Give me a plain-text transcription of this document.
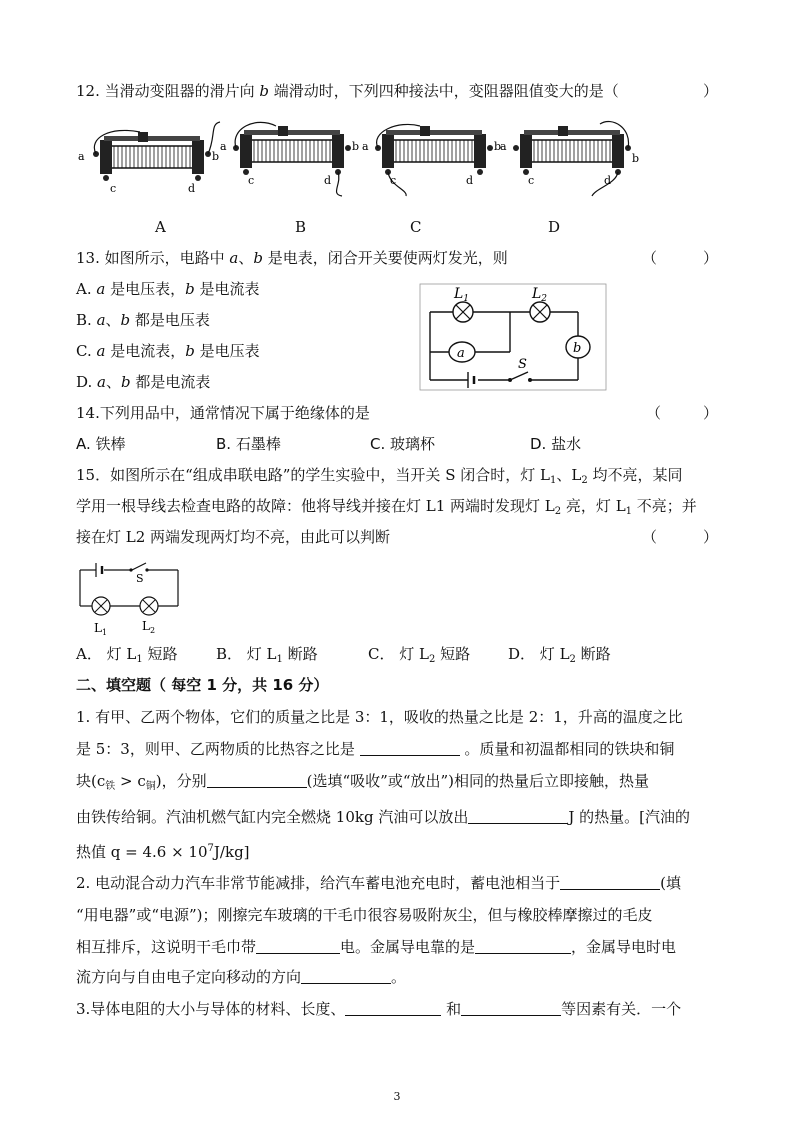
12. 当滑动变阻器的滑片向 b 端滑动时，下列四种接法中，变阻器阻值变大的是（	）
a	b
c	d
a	b
c	d
a	b
c	d
a
b
c	d
A	B	C	D
13. 如图所示，电路中 a、b 是电表，闭合开关要使两灯发光，则	（	）
A. a 是电压表，b 是电流表
B. a、b 都是电压表
C. a 是电流表，b 是电压表
D. a、b 都是电流表
a	b
$L_1$	$L_2$
S
14.下列用品中，通常情况下属于绝缘体的是	（	）
A. 铁棒	B. 石墨棒	C. 玻璃杯	D. 盐水
15．如图所示在“组成串联电路”的学生实验中，当开关 S 闭合时，灯 $L_1$、$L_2$ 均不亮，某同
学用一根导线去检查电路的故障：他将导线并接在灯 L1 两端时发现灯 $L_2$ 亮，灯 $L_1$ 不亮；并
接在灯 L2 两端发现两灯均不亮，由此可以判断	（	）
S
$L_1$	$L_2$
A． 灯 $L_1$ 短路	B． 灯 $L_1$ 断路	C． 灯 $L_2$ 短路	D． 灯 $L_2$ 断路
二、填空题（ 每空 1 分，共 16 分）
1. 有甲、乙两个物体，它们的质量之比是 3：1，吸收的热量之比是 2：1，升高的温度之比
是 5：3，则甲、乙两物质的比热容之比是	。质量和初温都相同的铁块和铜
块$(c_铁 > c_铜)$，分别	(选填“吸收”或“放出”)相同的热量后立即接触，热量
由铁传给铜。汽油机燃气缸内完全燃烧 10kg 汽油可以放出	J 的热量。[汽油的
热值 $q = 4.6 \times 10^7J/kg$]
2. 电动混合动力汽车非常节能减排，给汽车蓄电池充电时，蓄电池相当于	(填
“用电器”或“电源”)；刚擦完车玻璃的干毛巾很容易吸附灰尘，但与橡胶棒摩擦过的毛皮
相互排斥，这说明干毛巾带	电。金属导电靠的是	，金属导电时电
流方向与自由电子定向移动的方向	。
3.导体电阻的大小与导体的材料、长度、	和	等因素有关．一个
3
